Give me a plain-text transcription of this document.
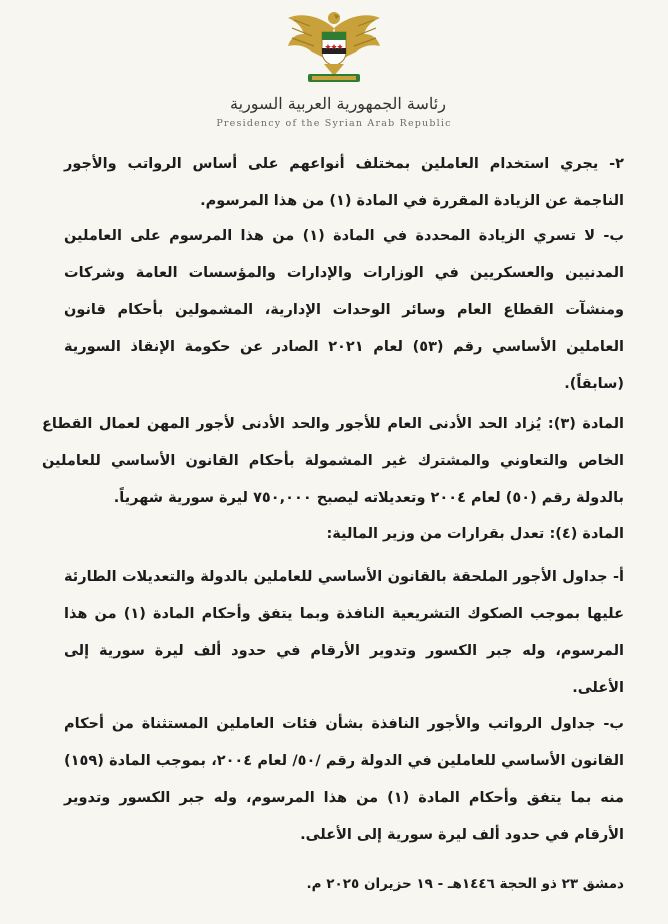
رئاسة الجمهورية العربية السورية
Presidency of the Syrian Arab Republic
٢- يجري استخدام العاملين بمختلف أنواعهم على أساس الرواتب والأجور الناجمة عن الزيادة المقررة في المادة (١) من هذا المرسوم.
ب- لا تسري الزيادة المحددة في المادة (١) من هذا المرسوم على العاملين المدنيين والعسكريين في الوزارات والإدارات والمؤسسات العامة وشركات ومنشآت القطاع العام وسائر الوحدات الإدارية، المشمولين بأحكام قانون العاملين الأساسي رقم (٥٣) لعام ٢٠٢١ الصادر عن حكومة الإنقاذ السورية (سابقاً).
المادة (٣): يُزاد الحد الأدنى العام للأجور والحد الأدنى لأجور المهن لعمال القطاع الخاص والتعاوني والمشترك غير المشمولة بأحكام القانون الأساسي للعاملين بالدولة رقم (٥٠) لعام ٢٠٠٤ وتعديلاته ليصبح ٧٥٠,٠٠٠ ليرة سورية شهرياً.
المادة (٤): تعدل بقرارات من وزير المالية:
أ- جداول الأجور الملحقة بالقانون الأساسي للعاملين بالدولة والتعديلات الطارئة عليها بموجب الصكوك التشريعية النافذة وبما يتفق وأحكام المادة (١) من هذا المرسوم، وله جبر الكسور وتدوير الأرقام في حدود ألف ليرة سورية إلى الأعلى.
ب- جداول الرواتب والأجور النافذة بشأن فئات العاملين المستثناة من أحكام القانون الأساسي للعاملين في الدولة رقم /٥٠/ لعام ٢٠٠٤، بموجب المادة (١٥٩) منه بما يتفق وأحكام المادة (١) من هذا المرسوم، وله جبر الكسور وتدوير الأرقام في حدود ألف ليرة سورية إلى الأعلى.
دمشق ٢٣ ذو الحجة ١٤٤٦هـ - ١٩ حزيران ٢٠٢٥ م.
